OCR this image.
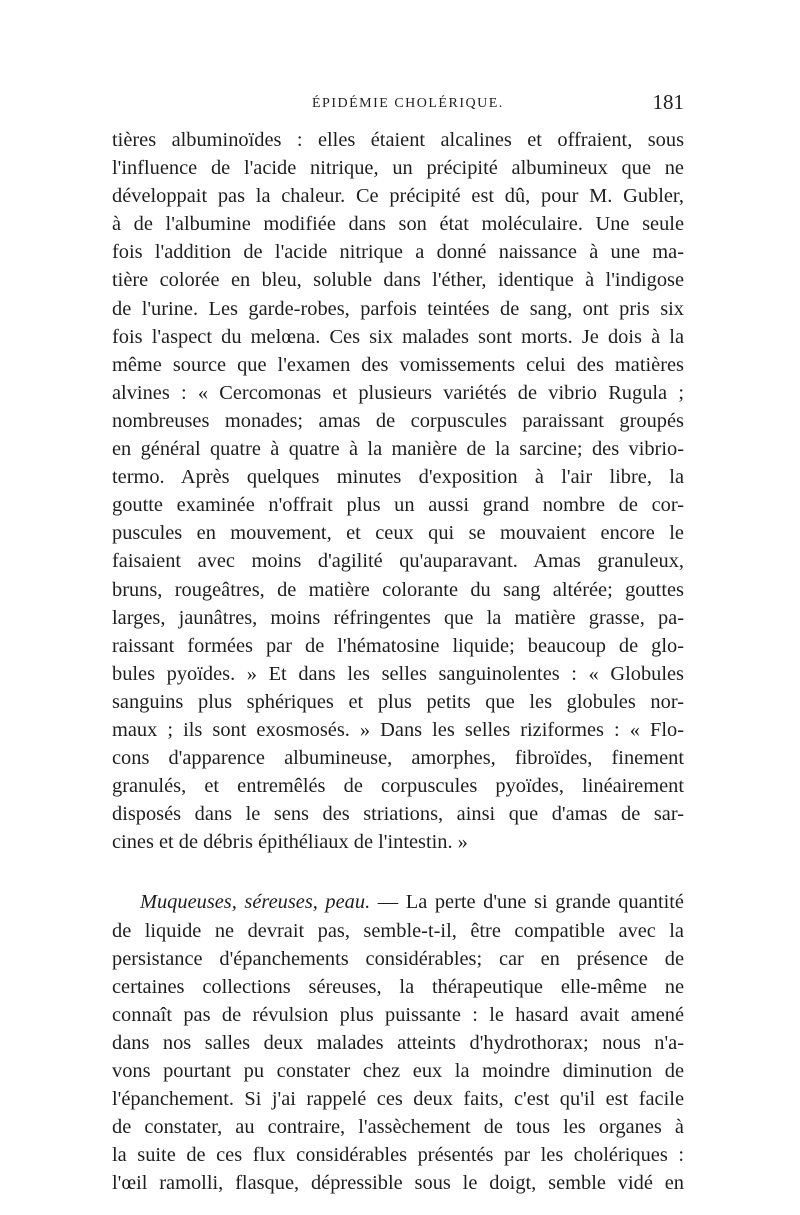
ÉPIDÉMIE CHOLÉRIQUE.	181
tières albuminoïdes : elles étaient alcalines et offraient, sous
l'influence de l'acide nitrique, un précipité albumineux que ne
développait pas la chaleur. Ce précipité est dû, pour M. Gubler,
à de l'albumine modifiée dans son état moléculaire. Une seule
fois l'addition de l'acide nitrique a donné naissance à une ma-
tière colorée en bleu, soluble dans l'éther, identique à l'indigose
de l'urine. Les garde-robes, parfois teintées de sang, ont pris six
fois l'aspect du melœna. Ces six malades sont morts. Je dois à la
même source que l'examen des vomissements celui des matières
alvines : « Cercomonas et plusieurs variétés de vibrio Rugula ;
nombreuses monades; amas de corpuscules paraissant groupés
en général quatre à quatre à la manière de la sarcine; des vibrio-
termo. Après quelques minutes d'exposition à l'air libre, la
goutte examinée n'offrait plus un aussi grand nombre de cor-
puscules en mouvement, et ceux qui se mouvaient encore le
faisaient avec moins d'agilité qu'auparavant. Amas granuleux,
bruns, rougeâtres, de matière colorante du sang altérée; gouttes
larges, jaunâtres, moins réfringentes que la matière grasse, pa-
raissant formées par de l'hématosine liquide; beaucoup de glo-
bules pyoïdes. » Et dans les selles sanguinolentes : « Globules
sanguins plus sphériques et plus petits que les globules nor-
maux ; ils sont exosmosés. » Dans les selles riziformes : « Flo-
cons d'apparence albumineuse, amorphes, fibroïdes, finement
granulés, et entremêlés de corpuscules pyoïdes, linéairement
disposés dans le sens des striations, ainsi que d'amas de sar-
cines et de débris épithéliaux de l'intestin. »
Muqueuses, séreuses, peau. — La perte d'une si grande quantité
de liquide ne devrait pas, semble-t-il, être compatible avec la
persistance d'épanchements considérables; car en présence de
certaines collections séreuses, la thérapeutique elle-même ne
connaît pas de révulsion plus puissante : le hasard avait amené
dans nos salles deux malades atteints d'hydrothorax; nous n'a-
vons pourtant pu constater chez eux la moindre diminution de
l'épanchement. Si j'ai rappelé ces deux faits, c'est qu'il est facile
de constater, au contraire, l'assèchement de tous les organes à
la suite de ces flux considérables présentés par les cholériques :
l'œil ramolli, flasque, dépressible sous le doigt, semble vidé en
